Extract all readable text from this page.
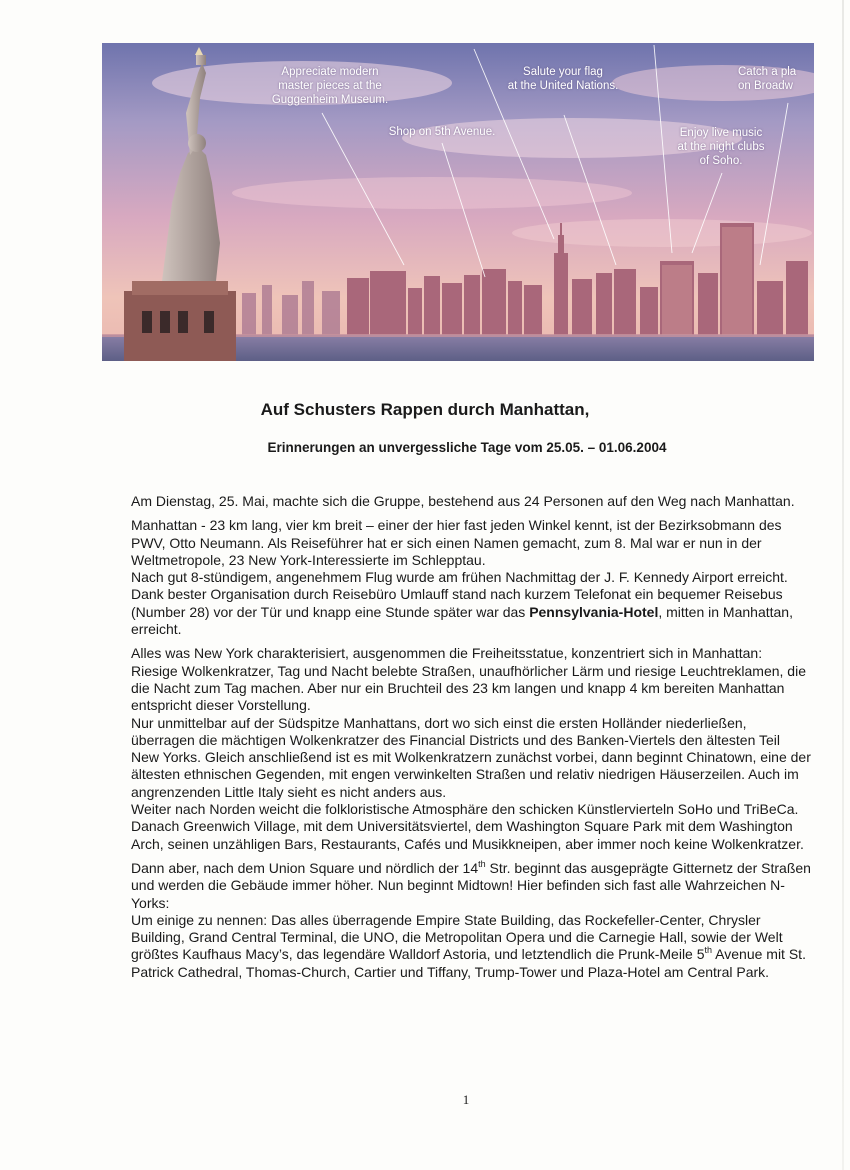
Appreciate modern
master pieces at the
Guggenheim Museum.
Shop on 5th Avenue.
Salute your flag
at the United Nations.
Enjoy live music
at the night clubs
of Soho.
Catch a pla
on Broadw
Auf Schusters Rappen durch Manhattan,
Erinnerungen an unvergessliche Tage vom 25.05. – 01.06.2004

Am Dienstag, 25. Mai, machte sich die Gruppe, bestehend aus 24 Personen auf den Weg nach Manhattan.

Manhattan - 23 km lang, vier km breit – einer der hier fast jeden Winkel kennt, ist der Bezirksobmann des PWV, Otto Neumann. Als Reiseführer hat er sich einen Namen gemacht, zum 8. Mal war er nun in der Weltmetropole, 23 New York-Interessierte im Schlepptau.
Nach gut 8-stündigem, angenehmem Flug wurde am frühen Nachmittag der J. F. Kennedy Airport erreicht. Dank bester Organisation durch Reisebüro Umlauff stand nach kurzem Telefonat ein bequemer Reisebus (Number 28) vor der Tür und knapp eine Stunde später war das Pennsylvania-Hotel, mitten in Manhattan, erreicht.

Alles was New York charakterisiert, ausgenommen die Freiheitsstatue, konzentriert sich in Manhattan: Riesige Wolkenkratzer, Tag und Nacht belebte Straßen, unaufhörlicher Lärm und riesige Leuchtreklamen, die die Nacht zum Tag machen. Aber nur ein Bruchteil des 23 km langen und knapp 4 km bereiten Manhattan entspricht dieser Vorstellung.
Nur unmittelbar auf der Südspitze Manhattans, dort wo sich einst die ersten Holländer niederließen, überragen die mächtigen Wolkenkratzer des Financial Districts und des Banken-Viertels den ältesten Teil New Yorks. Gleich anschließend ist es mit Wolkenkratzern zunächst vorbei, dann beginnt Chinatown, eine der ältesten ethnischen Gegenden, mit engen verwinkelten Straßen und relativ niedrigen Häuserzeilen. Auch im angrenzenden Little Italy sieht es nicht anders aus.
Weiter nach Norden weicht die folkloristische Atmosphäre den schicken Künstlervierteln SoHo und TriBeCa. Danach Greenwich Village, mit dem Universitätsviertel, dem Washington Square Park mit dem Washington Arch, seinen unzähligen Bars, Restaurants, Cafés und Musikkneipen, aber immer noch keine Wolkenkratzer.

Dann aber, nach dem Union Square und nördlich der 14th Str. beginnt das ausgeprägte Gitternetz der Straßen und werden die Gebäude immer höher. Nun beginnt Midtown! Hier befinden sich fast alle Wahrzeichen N-Yorks:
Um einige zu nennen: Das alles überragende Empire State Building, das Rockefeller-Center, Chrysler Building, Grand Central Terminal, die UNO, die Metropolitan Opera und die Carnegie Hall, sowie der Welt größtes Kaufhaus Macy’s, das legendäre Walldorf Astoria, und letztendlich die Prunk-Meile 5th Avenue mit St. Patrick Cathedral, Thomas-Church, Cartier und Tiffany, Trump-Tower und Plaza-Hotel am Central Park.

1
